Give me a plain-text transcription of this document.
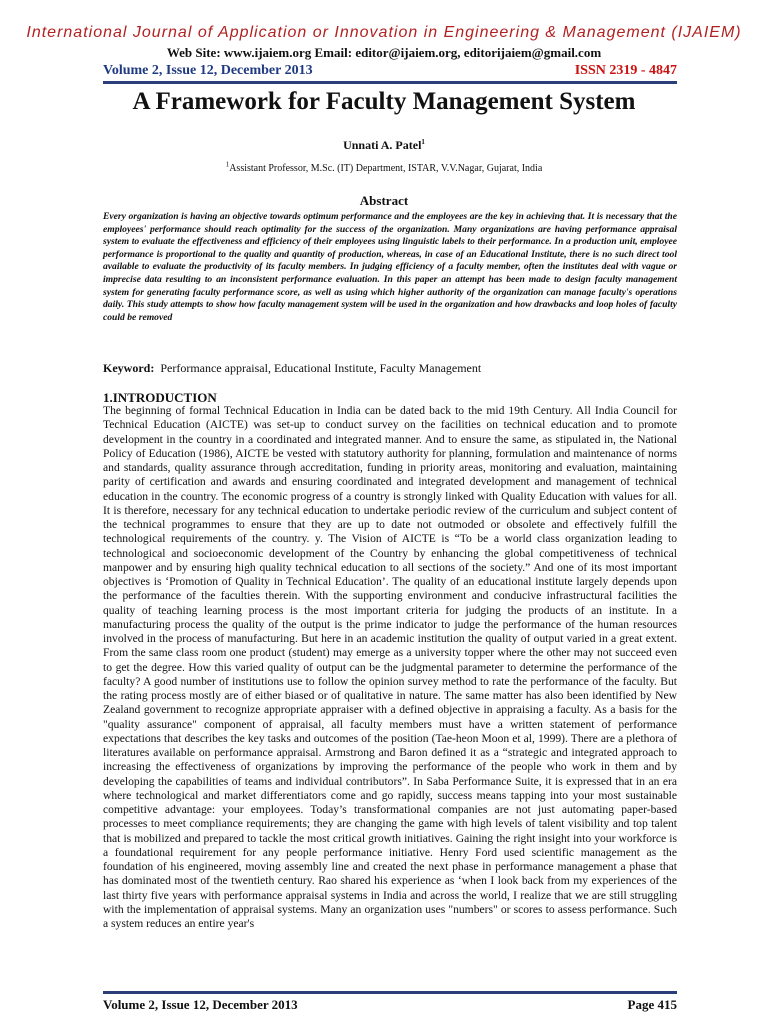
International Journal of Application or Innovation in Engineering & Management (IJAIEM)
Web Site: www.ijaiem.org Email: editor@ijaiem.org, editorijaiem@gmail.com
Volume 2, Issue 12, December 2013	ISSN 2319 - 4847
A Framework for Faculty Management System
Unnati A. Patel$^1$
$^1$Assistant Professor, M.Sc. (IT) Department, ISTAR, V.V.Nagar, Gujarat, India
Abstract
Every organization is having an objective towards optimum performance and the employees are the key in achieving that. It is necessary that the employees' performance should reach optimality for the success of the organization. Many organizations are having performance appraisal system to evaluate the effectiveness and efficiency of their employees using linguistic labels to their performance. In a production unit, employee performance is proportional to the quality and quantity of production, whereas, in case of an Educational Institute, there is no such direct tool available to evaluate the productivity of its faculty members. In judging efficiency of a faculty member, often the institutes deal with vague or imprecise data resulting to an inconsistent performance evaluation. In this paper an attempt has been made to design faculty management system for generating faculty performance score, as well as using which higher authority of the organization can manage faculty's operations daily. This study attempts to show how faculty management system will be used in the organization and how drawbacks and loop holes of faculty could be removed
Keyword: Performance appraisal, Educational Institute, Faculty Management
1.INTRODUCTION

The beginning of formal Technical Education in India can be dated back to the mid 19th Century. All India Council for Technical Education (AICTE) was set-up to conduct survey on the facilities on technical education and to promote development in the country in a coordinated and integrated manner. And to ensure the same, as stipulated in, the National Policy of Education (1986), AICTE be vested with statutory authority for planning, formulation and maintenance of norms and standards, quality assurance through accreditation, funding in priority areas, monitoring and evaluation, maintaining parity of certification and awards and ensuring coordinated and integrated development and management of technical education in the country. The economic progress of a country is strongly linked with Quality Education with values for all. It is therefore, necessary for any technical education to undertake periodic review of the curriculum and subject content of the technical programmes to ensure that they are up to date not outmoded or obsolete and effectively fulfill the technological requirements of the country. y. The Vision of AICTE is “To be a world class organization leading to technological and socioeconomic development of the Country by enhancing the global competitiveness of technical manpower and by ensuring high quality technical education to all sections of the society.” And one of its most important objectives is ‘Promotion of Quality in Technical Education’. The quality of an educational institute largely depends upon the performance of the faculties therein. With the supporting environment and conducive infrastructural facilities the quality of teaching learning process is the most important criteria for judging the products of an institute. In a manufacturing process the quality of the output is the prime indicator to judge the performance of the human resources involved in the process of manufacturing. But here in an academic institution the quality of output varied in a great extent. From the same class room one product (student) may emerge as a university topper where the other may not succeed even to get the degree. How this varied quality of output can be the judgmental parameter to determine the performance of the faculty? A good number of institutions use to follow the opinion survey method to rate the performance of the faculty. But the rating process mostly are of either biased or of qualitative in nature. The same matter has also been identified by New Zealand government to recognize appropriate appraiser with a defined objective in appraising a faculty. As a basis for the "quality assurance" component of appraisal, all faculty members must have a written statement of performance expectations that describes the key tasks and outcomes of the position (Tae-heon Moon et al, 1999). There are a plethora of literatures available on performance appraisal. Armstrong and Baron defined it as a “strategic and integrated approach to increasing the effectiveness of organizations by improving the performance of the people who work in them and by developing the capabilities of teams and individual contributors”. In Saba Performance Suite, it is expressed that in an era where technological and market differentiators come and go rapidly, success means tapping into your most sustainable competitive advantage: your employees. Today’s transformational companies are not just automating paper-based processes to meet compliance requirements; they are changing the game with high levels of talent visibility and top talent that is mobilized and prepared to tackle the most critical growth initiatives. Gaining the right insight into your workforce is a foundational requirement for any people performance initiative. Henry Ford used scientific management as the foundation of his engineered, moving assembly line and created the next phase in performance management a phase that has dominated most of the twentieth century. Rao shared his experience as ‘when I look back from my experiences of the last thirty five years with performance appraisal systems in India and across the world, I realize that we are still struggling with the implementation of appraisal systems. Many an organization uses "numbers" or scores to assess performance. Such a system reduces an entire year's

Volume 2, Issue 12, December 2013	Page 415
